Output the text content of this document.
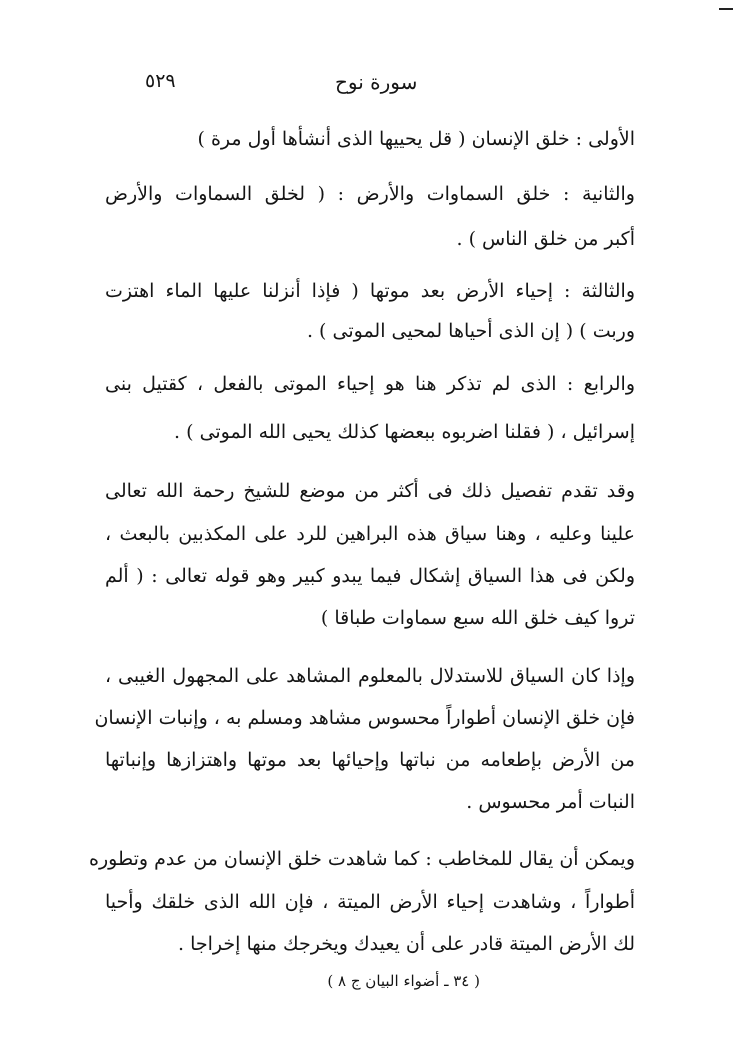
٥٢٩	سورة نوح
الأولى : خلق الإنسان ( قل يحييها الذى أنشأها أول مرة )
والثانية : خلق السماوات والأرض : ( لخلق السماوات والأرض
أكبر من خلق الناس ) .
والثالثة : إحياء الأرض بعد موتها ( فإذا أنزلنا عليها الماء اهتزت
وربت ) ( إن الذى أحياها لمحيى الموتى ) .
والرابع : الذى لم تذكر هنا هو إحياء الموتى بالفعل ، كقتيل بنى
إسرائيل ، ( فقلنا اضربوه ببعضها كذلك يحيى الله الموتى ) .
وقد تقدم تفصيل ذلك فى أكثر من موضع للشيخ رحمة الله تعالى
علينا وعليه ، وهنا سياق هذه البراهين للرد على المكذبين بالبعث ،
ولكن فى هذا السياق إشكال فيما يبدو كبير وهو قوله تعالى : ( ألم
تروا كيف خلق الله سبع سماوات طباقا )
وإذا كان السياق للاستدلال بالمعلوم المشاهد على المجهول الغيبى ،
فإن خلق الإنسان أطواراً محسوس مشاهد ومسلم به ، وإنبات الإنسان
من الأرض بإطعامه من نباتها وإحيائها بعد موتها واهتزازها وإنباتها
النبات أمر محسوس .
ويمكن أن يقال للمخاطب : كما شاهدت خلق الإنسان من عدم وتطوره
أطواراً ، وشاهدت إحياء الأرض الميتة ، فإن الله الذى خلقك وأحيا
لك الأرض الميتة قادر على أن يعيدك ويخرجك منها إخراجا .
( ٣٤ ـ أضواء البيان ج ٨ )
